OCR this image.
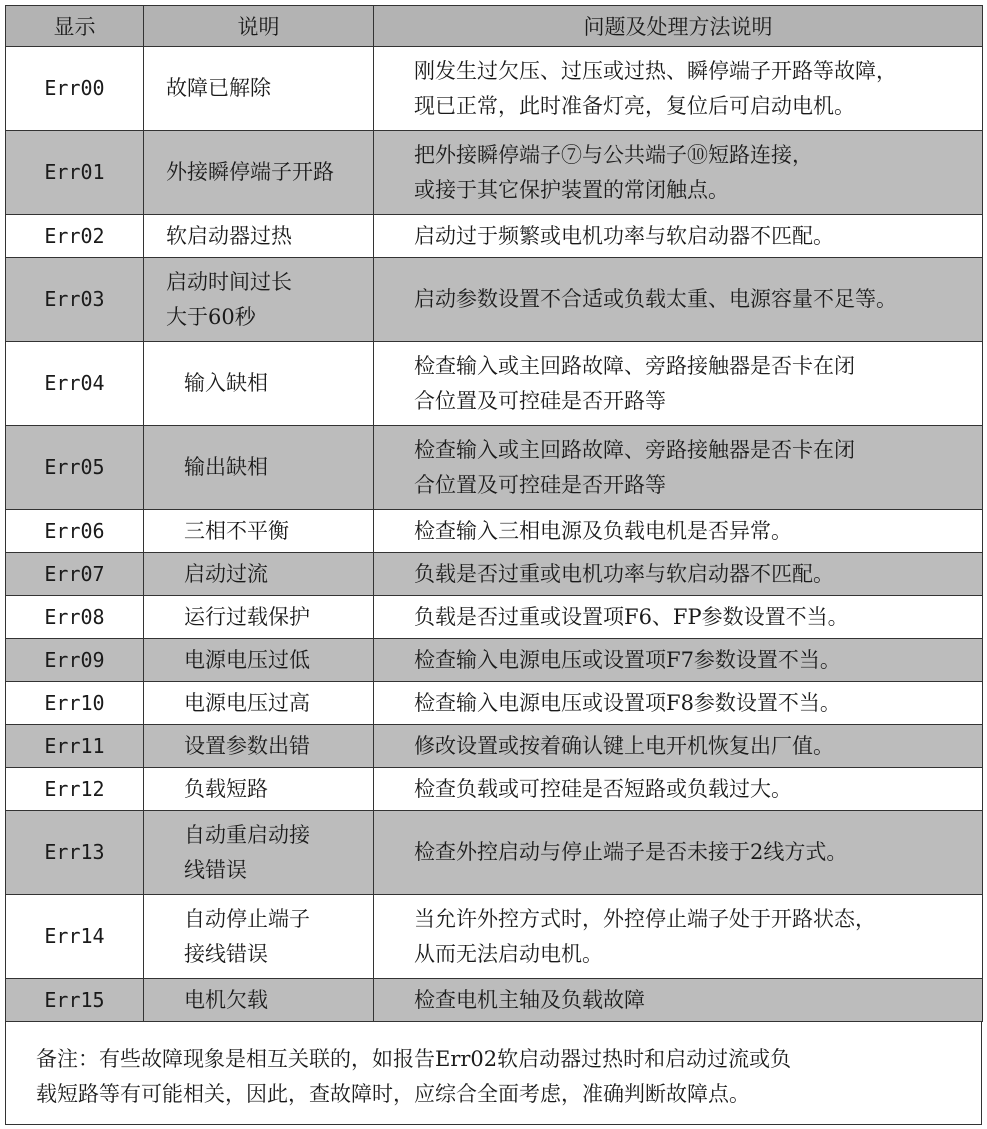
显示	说明	问题及处理方法说明
Err00	故障已解除	刚发生过欠压、过压或过热、瞬停端子开路等故障，
现已正常，此时准备灯亮，复位后可启动电机。
Err01	外接瞬停端子开路	把外接瞬停端子⑦与公共端子⑩短路连接，
或接于其它保护装置的常闭触点。
Err02	软启动器过热	启动过于频繁或电机功率与软启动器不匹配。
Err03	启动时间过长
大于60秒	启动参数设置不合适或负载太重、电源容量不足等。
Err04	输入缺相	检查输入或主回路故障、旁路接触器是否卡在闭
合位置及可控硅是否开路等
Err05	输出缺相	检查输入或主回路故障、旁路接触器是否卡在闭
合位置及可控硅是否开路等
Err06	三相不平衡	检查输入三相电源及负载电机是否异常。
Err07	启动过流	负载是否过重或电机功率与软启动器不匹配。
Err08	运行过载保护	负载是否过重或设置项F6、FP参数设置不当。
Err09	电源电压过低	检查输入电源电压或设置项F7参数设置不当。
Err10	电源电压过高	检查输入电源电压或设置项F8参数设置不当。
Err11	设置参数出错	修改设置或按着确认键上电开机恢复出厂值。
Err12	负载短路	检查负载或可控硅是否短路或负载过大。
Err13	自动重启动接
线错误	检查外控启动与停止端子是否未接于2线方式。
Err14	自动停止端子
接线错误	当允许外控方式时，外控停止端子处于开路状态，
从而无法启动电机。
Err15	电机欠载	检查电机主轴及负载故障
备注：有些故障现象是相互关联的，如报告Err02软启动器过热时和启动过流或负
载短路等有可能相关，因此，查故障时，应综合全面考虑，准确判断故障点。
